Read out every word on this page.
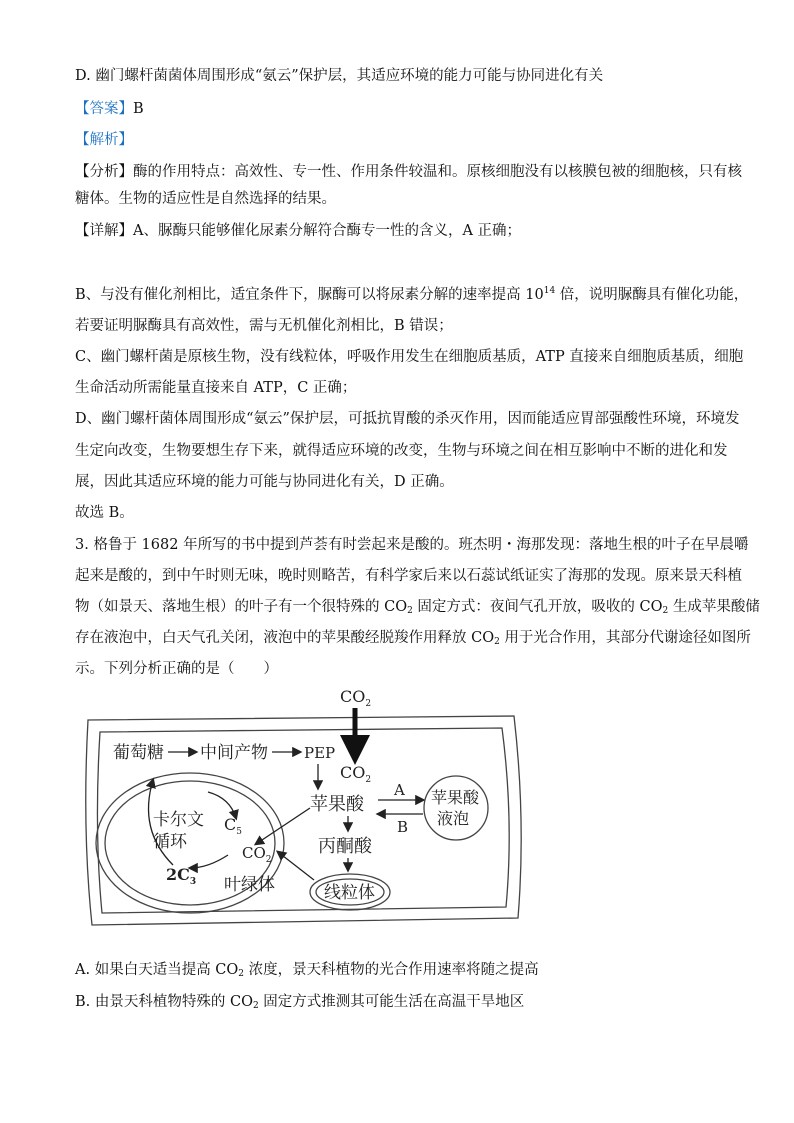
D. 幽门螺杆菌菌体周围形成“氨云”保护层，其适应环境的能力可能与协同进化有关
【答案】B
【解析】
【分析】酶的作用特点：高效性、专一性、作用条件较温和。原核细胞没有以核膜包被的细胞核，只有核
糖体。生物的适应性是自然选择的结果。
【详解】A、脲酶只能够催化尿素分解符合酶专一性的含义，A 正确；
B、与没有催化剂相比，适宜条件下，脲酶可以将尿素分解的速率提高 $10^{14}$ 倍，说明脲酶具有催化功能，
若要证明脲酶具有高效性，需与无机催化剂相比，B 错误；
C、幽门螺杆菌是原核生物，没有线粒体，呼吸作用发生在细胞质基质，ATP 直接来自细胞质基质，细胞
生命活动所需能量直接来自 ATP，C 正确；
D、幽门螺杆菌体周围形成“氨云”保护层，可抵抗胃酸的杀灭作用，因而能适应胃部强酸性环境，环境发
生定向改变，生物要想生存下来，就得适应环境的改变，生物与环境之间在相互影响中不断的进化和发
展，因此其适应环境的能力可能与协同进化有关，D 正确。
故选 B。
3. 格鲁于 1682 年所写的书中提到芦荟有时尝起来是酸的。班杰明・海那发现：落地生根的叶子在早晨嚼
起来是酸的，到中午时则无味，晚时则略苦，有科学家后来以石蕊试纸证实了海那的发现。原来景天科植
物（如景天、落地生根）的叶子有一个很特殊的 $CO_2$ 固定方式：夜间气孔开放，吸收的 $CO_2$ 生成苹果酸储
存在液泡中，白天气孔关闭，液泡中的苹果酸经脱羧作用释放 $CO_2$ 用于光合作用，其部分代谢途径如图所
示。下列分析正确的是（　　）
$CO_2$
葡萄糖 中间产物 PEP
$CO_2$
苹果酸
A
B
苹果酸
液泡
卡尔文
循环
$C_5$
$CO_2$
$2C_3$ 叶绿体
丙酮酸
线粒体
A. 如果白天适当提高 $CO_2$ 浓度，景天科植物的光合作用速率将随之提高
B. 由景天科植物特殊的 $CO_2$ 固定方式推测其可能生活在高温干旱地区
